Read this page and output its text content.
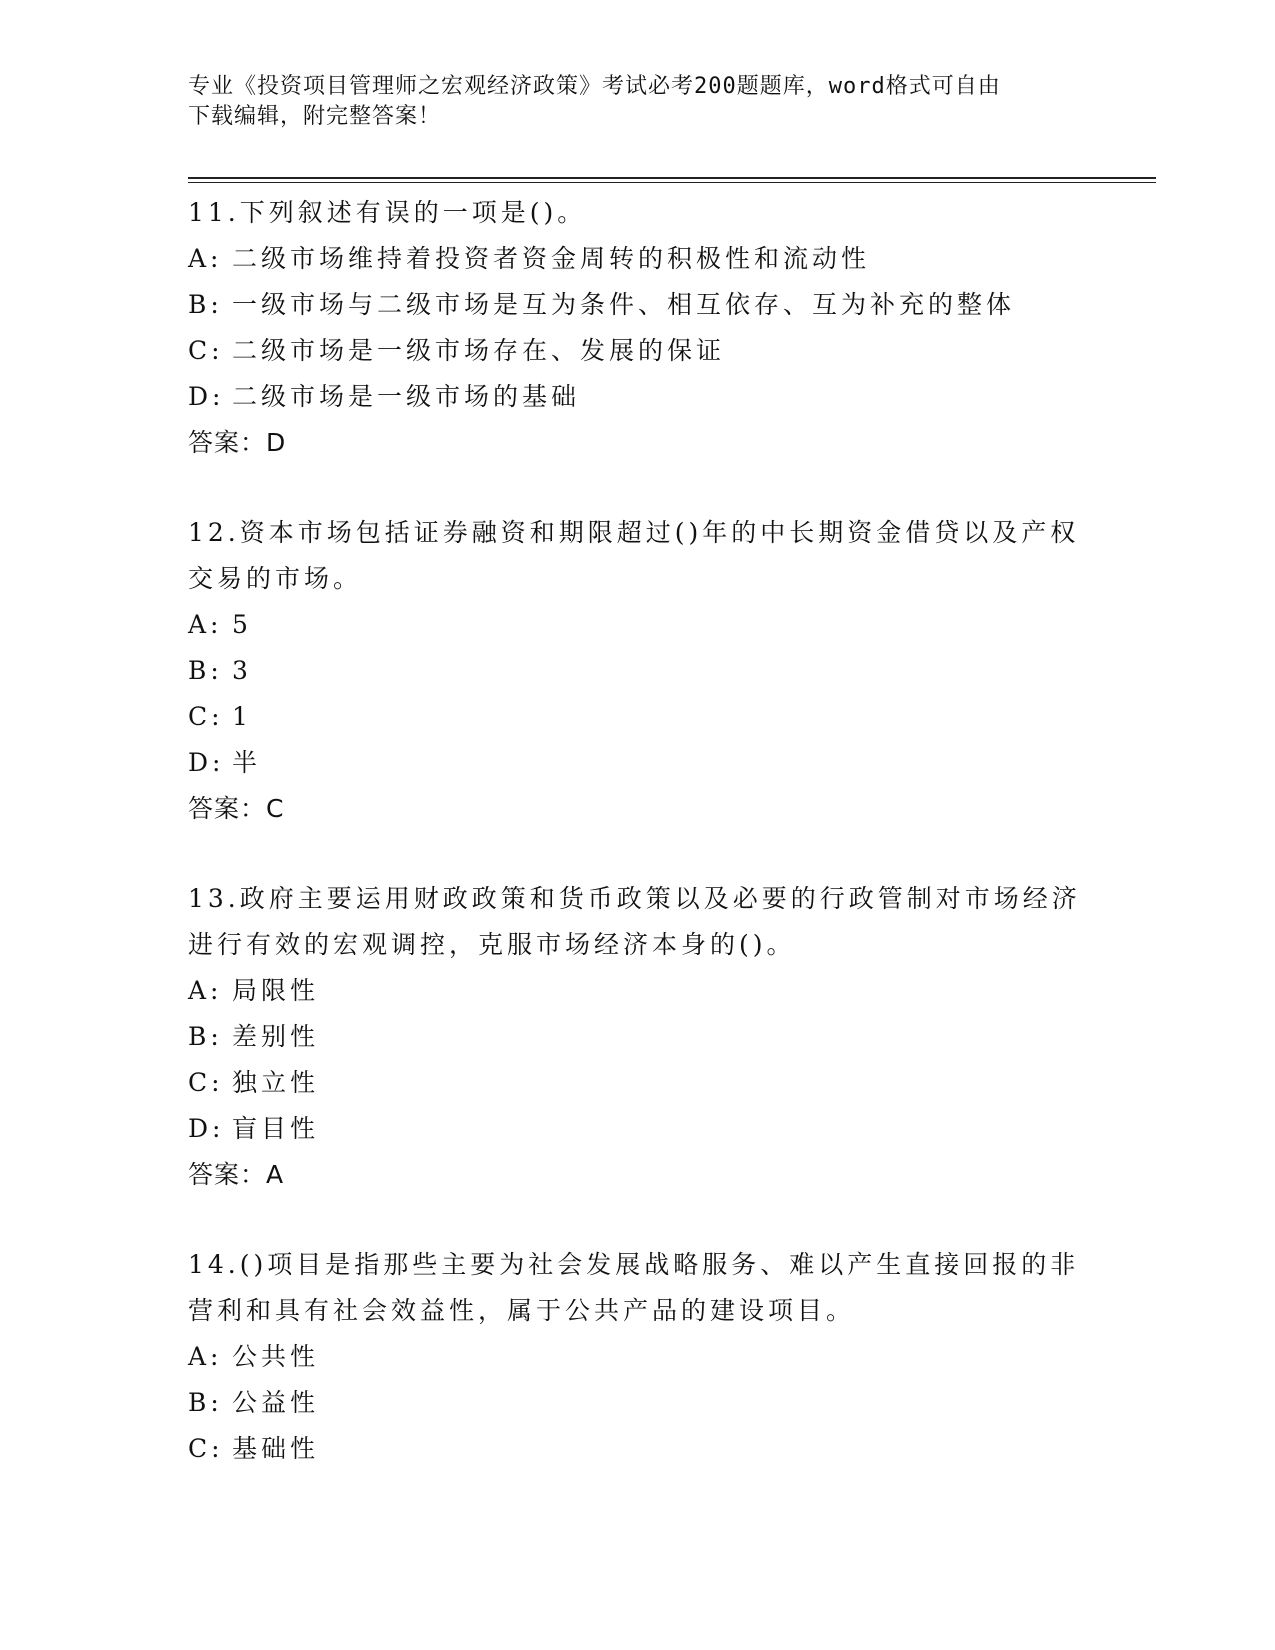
专业《投资项目管理师之宏观经济政策》考试必考200题题库，word格式可自由
下载编辑，附完整答案！

11.下列叙述有误的一项是()。

A: 二级市场维持着投资者资金周转的积极性和流动性
B: 一级市场与二级市场是互为条件、相互依存、互为补充的整体
C: 二级市场是一级市场存在、发展的保证
D: 二级市场是一级市场的基础
答案：D

12.资本市场包括证券融资和期限超过()年的中长期资金借贷以及产权交易的市场。

A: 5
B: 3
C: 1
D: 半
答案：C

13.政府主要运用财政政策和货币政策以及必要的行政管制对市场经济进行有效的宏观调控，克服市场经济本身的()。

A: 局限性
B: 差别性
C: 独立性
D: 盲目性
答案：A

14.()项目是指那些主要为社会发展战略服务、难以产生直接回报的非营利和具有社会效益性，属于公共产品的建设项目。

A: 公共性
B: 公益性
C: 基础性
